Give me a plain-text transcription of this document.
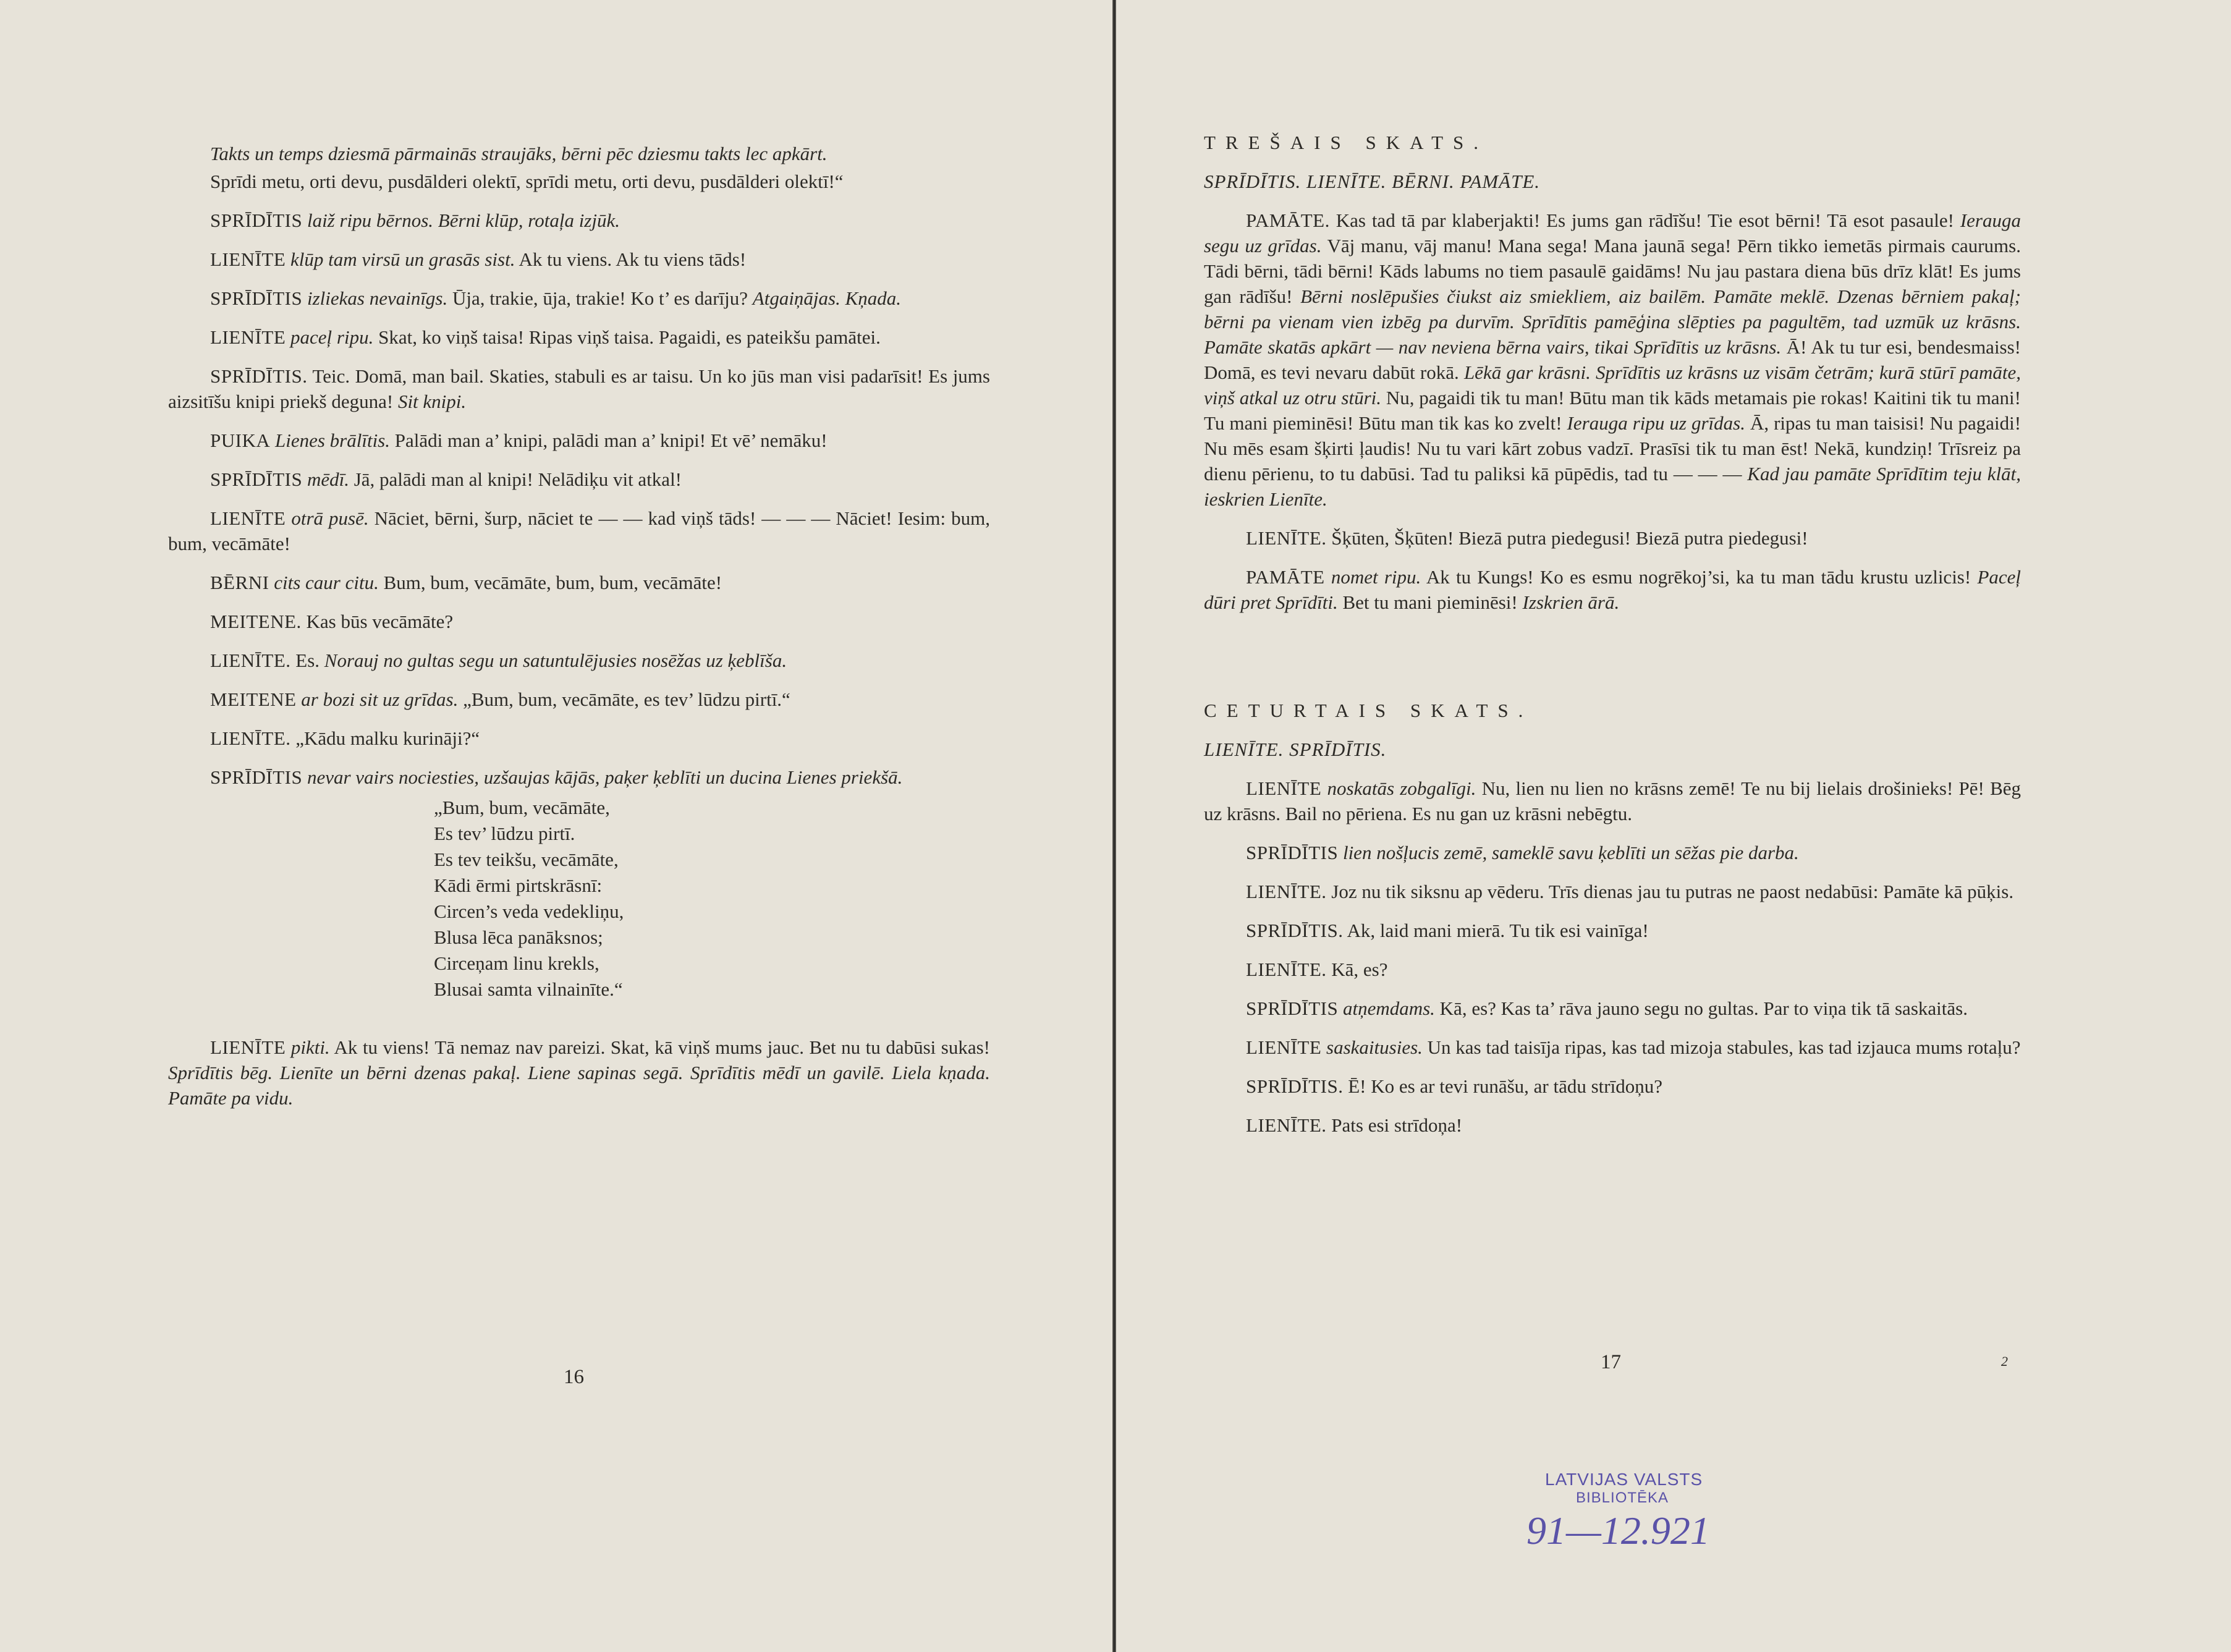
Takts un temps dziesmā pārmainās straujāks, bērni pēc dziesmu takts lec apkārt.

Sprīdi metu, orti devu, pusdālderi olektī, sprīdi metu, orti devu, pusdālderi olektī!“

SPRĪDĪTIS laiž ripu bērnos. Bērni klūp, rotaļa izjūk.

LIENĪTE klūp tam virsū un grasās sist. Ak tu viens. Ak tu viens tāds!

SPRĪDĪTIS izliekas nevainīgs. Ūja, trakie, ūja, trakie! Ko t’ es darīju? Atgaiņājas. Kņada.

LIENĪTE paceļ ripu. Skat, ko viņš taisa! Ripas viņš taisa. Pagaidi, es pateikšu pamātei.

SPRĪDĪTIS. Teic. Domā, man bail. Skaties, stabuli es ar taisu. Un ko jūs man visi padarīsit! Es jums aizsitīšu knipi priekš deguna! Sit knipi.

PUIKA Lienes brālītis. Palādi man a’ knipi, palādi man a’ knipi! Et vē’ nemāku!

SPRĪDĪTIS mēdī. Jā, palādi man al knipi! Nelādiķu vit atkal!

LIENĪTE otrā pusē. Nāciet, bērni, šurp, nāciet te — — kad viņš tāds! — — — Nāciet! Iesim: bum, bum, vecāmāte!

BĒRNI cits caur citu. Bum, bum, vecāmāte, bum, bum, vecāmāte!

MEITENE. Kas būs vecāmāte?

LIENĪTE. Es. Norauj no gultas segu un satuntulējusies nosēžas uz ķeblīša.

MEITENE ar bozi sit uz grīdas. „Bum, bum, vecāmāte, es tev’ lūdzu pirtī.“

LIENĪTE. „Kādu malku kurināji?“

SPRĪDĪTIS nevar vairs nociesties, uzšaujas kājās, paķer ķeblīti un ducina Lienes priekšā.

„Bum, bum, vecāmāte,
Es tev’ lūdzu pirtī.
Es tev teikšu, vecāmāte,
Kādi ērmi pirtskrāsnī:
Circen’s veda vedekliņu,
Blusa lēca panāksnos;
Circeņam linu krekls,
Blusai samta vilnainīte.“

LIENĪTE pikti. Ak tu viens! Tā nemaz nav pareizi. Skat, kā viņš mums jauc. Bet nu tu dabūsi sukas! Sprīdītis bēg. Lienīte un bērni dzenas pakaļ. Liene sapinas segā. Sprīdītis mēdī un gavilē. Liela kņada. Pamāte pa vidu.

16

TREŠAIS SKATS.

SPRĪDĪTIS. LIENĪTE. BĒRNI. PAMĀTE.

PAMĀTE. Kas tad tā par klaberjakti! Es jums gan rādīšu! Tie esot bērni! Tā esot pasaule! Ierauga segu uz grīdas. Vāj manu, vāj manu! Mana sega! Mana jaunā sega! Pērn tikko iemetās pirmais caurums. Tādi bērni, tādi bērni! Kāds labums no tiem pasaulē gaidāms! Nu jau pastara diena būs drīz klāt! Es jums gan rādīšu! Bērni noslēpušies čiukst aiz smiekliem, aiz bailēm. Pamāte meklē. Dzenas bērniem pakaļ; bērni pa vienam vien izbēg pa durvīm. Sprīdītis pamēģina slēpties pa pagultēm, tad uzmūk uz krāsns. Pamāte skatās apkārt — nav neviena bērna vairs, tikai Sprīdītis uz krāsns. Ā! Ak tu tur esi, bendesmaiss! Domā, es tevi nevaru dabūt rokā. Lēkā gar krāsni. Sprīdītis uz krāsns uz visām četrām; kurā stūrī pamāte, viņš atkal uz otru stūri. Nu, pagaidi tik tu man! Būtu man tik kāds metamais pie rokas! Kaitini tik tu mani! Tu mani pieminēsi! Būtu man tik kas ko zvelt! Ierauga ripu uz grīdas. Ā, ripas tu man taisisi! Nu pagaidi! Nu mēs esam šķirti ļaudis! Nu tu vari kārt zobus vadzī. Prasīsi tik tu man ēst! Nekā, kundziņ! Trīsreiz pa dienu pērienu, to tu dabūsi. Tad tu paliksi kā pūpēdis, tad tu — — — Kad jau pamāte Sprīdītim teju klāt, ieskrien Lienīte.

LIENĪTE. Šķūten, Šķūten! Biezā putra piedegusi! Biezā putra piedegusi!

PAMĀTE nomet ripu. Ak tu Kungs! Ko es esmu nogrēkoj’si, ka tu man tādu krustu uzlicis! Paceļ dūri pret Sprīdīti. Bet tu mani pieminēsi! Izskrien ārā.

CETURTAIS SKATS.

LIENĪTE. SPRĪDĪTIS.

LIENĪTE noskatās zobgalīgi. Nu, lien nu lien no krāsns zemē! Te nu bij lielais drošinieks! Pē! Bēg uz krāsns. Bail no pēriena. Es nu gan uz krāsni nebēgtu.

SPRĪDĪTIS lien nošļucis zemē, sameklē savu ķeblīti un sēžas pie darba.

LIENĪTE. Joz nu tik siksnu ap vēderu. Trīs dienas jau tu putras ne paost nedabūsi: Pamāte kā pūķis.

SPRĪDĪTIS. Ak, laid mani mierā. Tu tik esi vainīga!

LIENĪTE. Kā, es?

SPRĪDĪTIS atņemdams. Kā, es? Kas ta’ rāva jauno segu no gultas. Par to viņa tik tā saskaitās.

LIENĪTE saskaitusies. Un kas tad taisīja ripas, kas tad mizoja stabules, kas tad izjauca mums rotaļu?

SPRĪDĪTIS. Ē! Ko es ar tevi runāšu, ar tādu strīdoņu?

LIENĪTE. Pats esi strīdoņa!

17	2
LATVIJAS VALSTS
BIBLIOTĒKA
91—12.921
